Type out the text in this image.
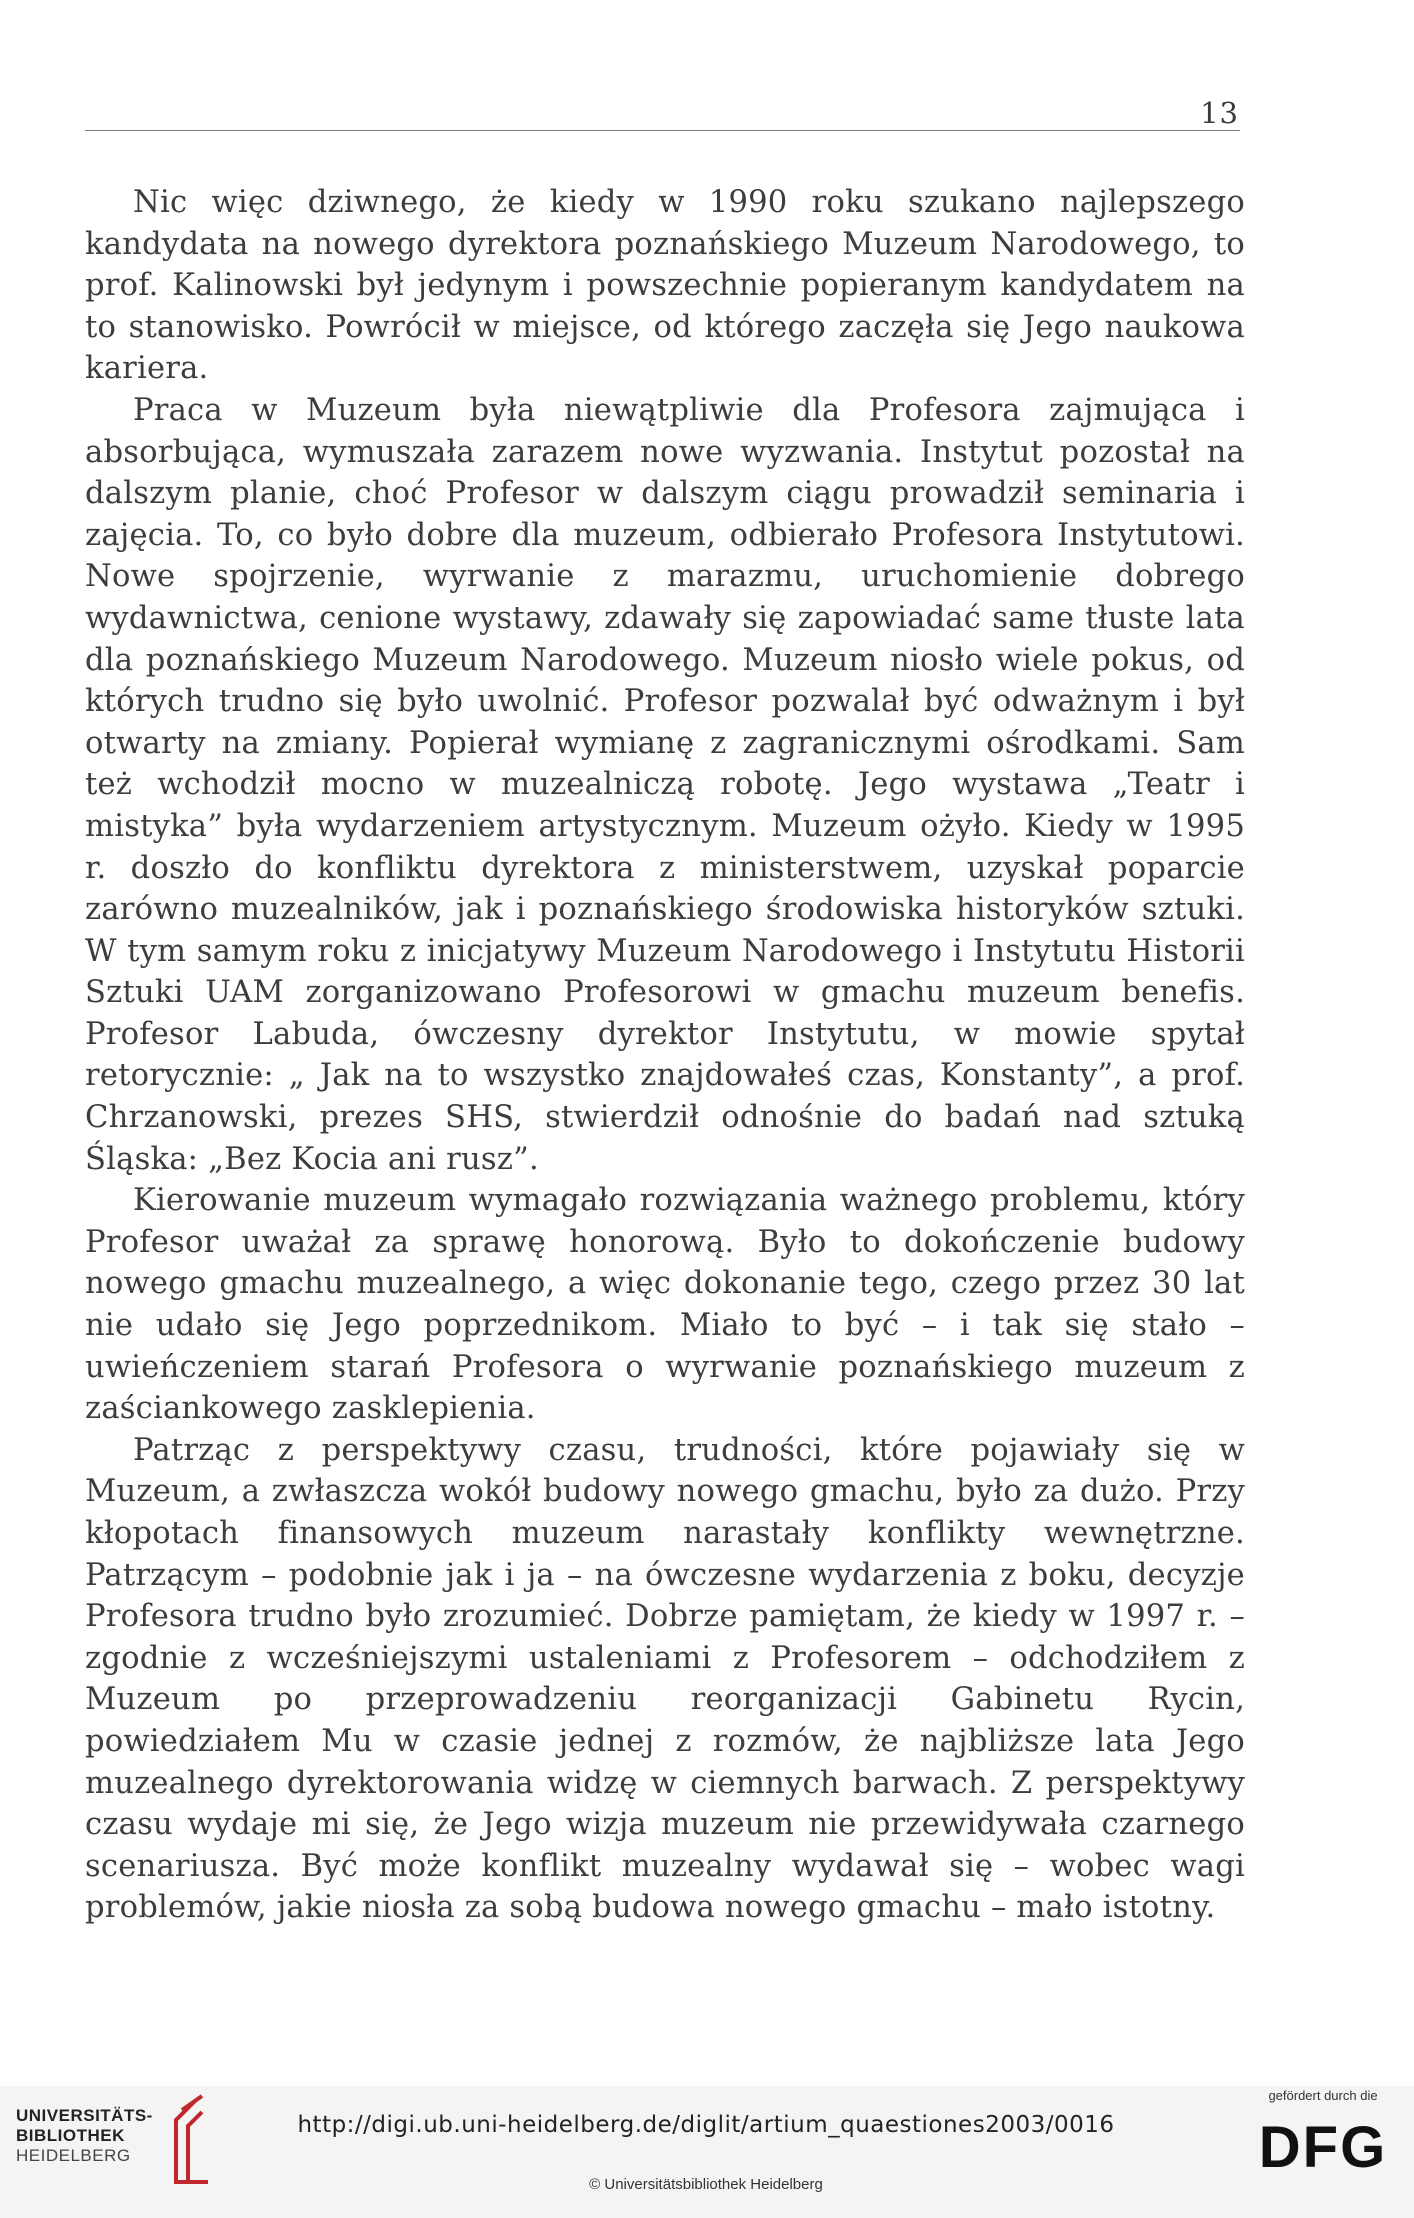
13

Nic więc dziwnego, że kiedy w 1990 roku szukano najlepszego kandydata na nowego dyrektora poznańskiego Muzeum Narodowego, to prof. Kalinowski był jedynym i powszechnie popieranym kandydatem na to stanowisko. Powrócił w miejsce, od którego zaczęła się Jego naukowa kariera.

Praca w Muzeum była niewątpliwie dla Profesora zajmująca i absorbująca, wymuszała zarazem nowe wyzwania. Instytut pozostał na dalszym planie, choć Profesor w dalszym ciągu prowadził seminaria i zajęcia. To, co było dobre dla muzeum, odbierało Profesora Instytutowi. Nowe spojrzenie, wyrwanie z marazmu, uruchomienie dobrego wydawnictwa, cenione wystawy, zdawały się zapowiadać same tłuste lata dla poznańskiego Muzeum Narodowego. Muzeum niosło wiele pokus, od których trudno się było uwolnić. Profesor pozwalał być odważnym i był otwarty na zmiany. Popierał wymianę z zagranicznymi ośrodkami. Sam też wchodził mocno w muzealniczą robotę. Jego wystawa „Teatr i mistyka” była wydarzeniem artystycznym. Muzeum ożyło. Kiedy w 1995 r. doszło do konfliktu dyrektora z ministerstwem, uzyskał poparcie zarówno muzealników, jak i poznańskiego środowiska historyków sztuki. W tym samym roku z inicjatywy Muzeum Narodowego i Instytutu Historii Sztuki UAM zorganizowano Profesorowi w gmachu muzeum benefis. Profesor Labuda, ówczesny dyrektor Instytutu, w mowie spytał retorycznie: „ Jak na to wszystko znajdowałeś czas, Konstanty”, a prof. Chrzanowski, prezes SHS, stwierdził odnośnie do badań nad sztuką Śląska: „Bez Kocia ani rusz”.

Kierowanie muzeum wymagało rozwiązania ważnego problemu, który Profesor uważał za sprawę honorową. Było to dokończenie budowy nowego gmachu muzealnego, a więc dokonanie tego, czego przez 30 lat nie udało się Jego poprzednikom. Miało to być – i tak się stało – uwieńczeniem starań Profesora o wyrwanie poznańskiego muzeum z zaściankowego zasklepienia.

Patrząc z perspektywy czasu, trudności, które pojawiały się w Muzeum, a zwłaszcza wokół budowy nowego gmachu, było za dużo. Przy kłopotach finansowych muzeum narastały konflikty wewnętrzne. Patrzącym – podobnie jak i ja – na ówczesne wydarzenia z boku, decyzje Profesora trudno było zrozumieć. Dobrze pamiętam, że kiedy w 1997 r. – zgodnie z wcześniejszymi ustaleniami z Profesorem – odchodziłem z Muzeum po przeprowadzeniu reorganizacji Gabinetu Rycin, powiedziałem Mu w czasie jednej z rozmów, że najbliższe lata Jego muzealnego dyrektorowania widzę w ciemnych barwach. Z perspektywy czasu wydaje mi się, że Jego wizja muzeum nie przewidywała czarnego scenariusza. Być może konflikt muzealny wydawał się – wobec wagi problemów, jakie niosła za sobą budowa nowego gmachu – mało istotny.

UNIVERSITÄTS-
BIBLIOTHEK
HEIDELBERG
http://digi.ub.uni-heidelberg.de/diglit/artium_quaestiones2003/0016
© Universitätsbibliothek Heidelberg
gefördert durch die
DFG
